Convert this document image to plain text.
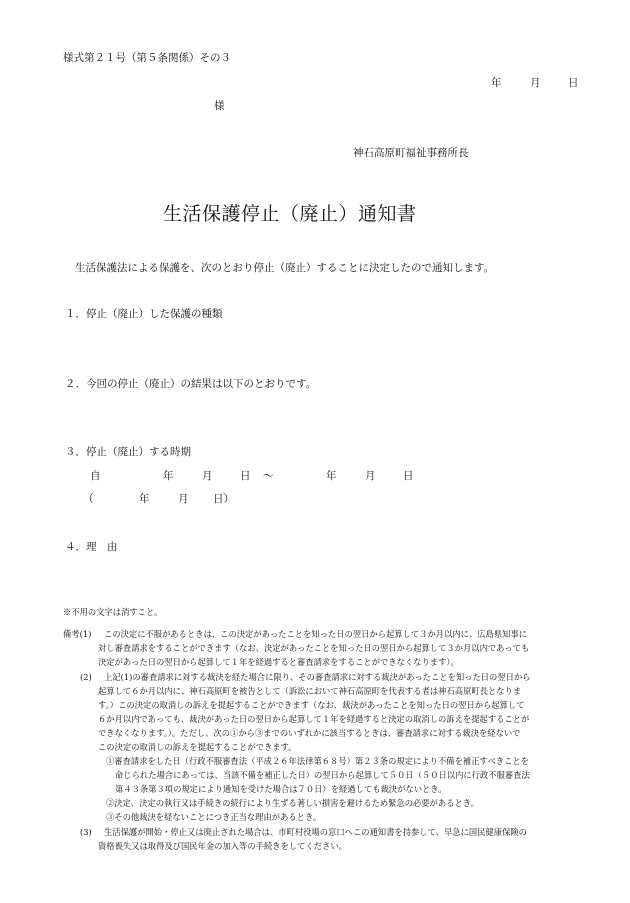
様式第２１号（第５条関係）その３
年	月	日
様
神石高原町福祉事務所長
生活保護停止（廃止）通知書
生活保護法による保護を、次のとおり停止（廃止）することに決定したので通知します。
１．停止（廃止）した保護の種類
２．今回の停止（廃止）の結果は以下のとおりです。
３．停止（廃止）する時期
自	年	月	日 ～	年	月	日
（	年	月 日）
４．理　由
※不用の文字は消すこと。
備考(1) この決定に不服があるときは、この決定があったことを知った日の翌日から起算して３か月以内に、広島県知事に
対し審査請求をすることができます（なお、決定があったことを知った日の翌日から起算して３か月以内であっても
決定があった日の翌日から起算して１年を経過すると審査請求をすることができなくなります）。
(2) 上記(1)の審査請求に対する裁決を経た場合に限り、その審査請求に対する裁決があったことを知った日の翌日から
起算して６か月以内に、神石高原町を被告として（訴訟において神石高原町を代表する者は神石高原町長となりま
す。）この決定の取消しの訴えを提起することができます（なお、裁決があったことを知った日の翌日から起算して
６か月以内であっても、裁決があった日の翌日から起算して１年を経過すると決定の取消しの訴えを提起することが
できなくなります。）。ただし、次の①から③までのいずれかに該当するときは、審査請求に対する裁決を経ないで
この決定の取消しの訴えを提起することができます。
①審査請求をした日（行政不服審査法（平成２６年法律第６８号）第２３条の規定により不備を補正すべきことを
命じられた場合にあっては、当該不備を補正した日）の翌日から起算して５０日（５０日以内に行政不服審査法
第４３条第３項の規定により通知を受けた場合は７０日）を経過しても裁決がないとき。
②決定、決定の執行又は手続きの続行により生ずる著しい損害を避けるため緊急の必要があるとき。
③その他裁決を経ないことにつき正当な理由があるとき。
(3) 生活保護が開始・停止又は廃止された場合は、市町村役場の窓口へこの通知書を持参して、早急に国民健康保険の
資格喪失又は取得及び国民年金の加入等の手続きをしてください。
